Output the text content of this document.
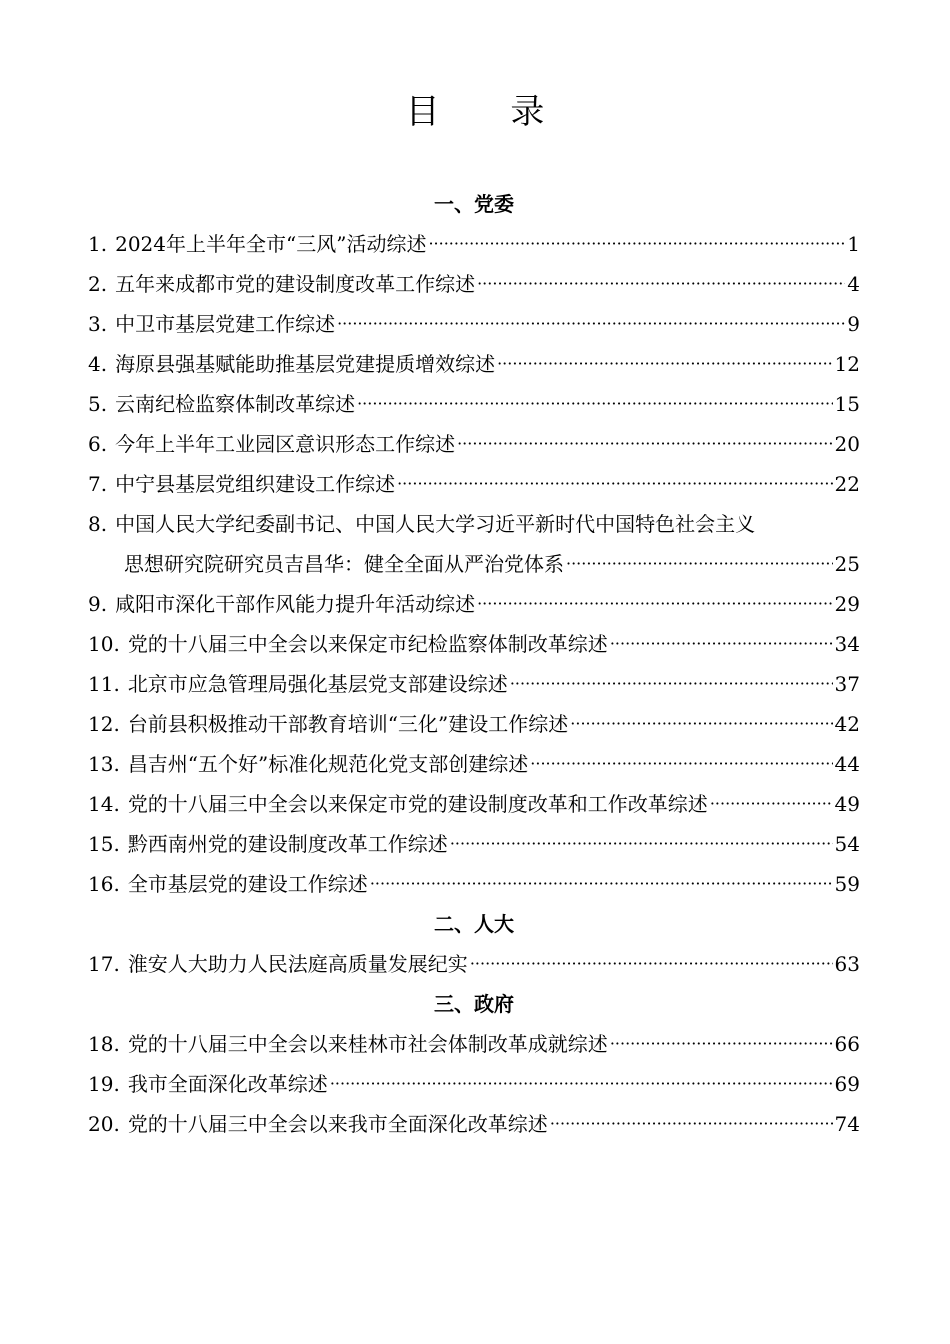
目 录
一、党委
1. 2024年上半年全市“三风”活动综述 ·····	1
2. 五年来成都市党的建设制度改革工作综述 ·····	4
3. 中卫市基层党建工作综述 ·····	9
4. 海原县强基赋能助推基层党建提质增效综述 ·····	12
5. 云南纪检监察体制改革综述 ·····	15
6. 今年上半年工业园区意识形态工作综述 ·····	20
7. 中宁县基层党组织建设工作综述 ·····	22
8. 中国人民大学纪委副书记、中国人民大学习近平新时代中国特色社会主义
思想研究院研究员吉昌华：健全全面从严治党体系 ·····	25
9. 咸阳市深化干部作风能力提升年活动综述 ·····	29
10. 党的十八届三中全会以来保定市纪检监察体制改革综述 ·····	34
11. 北京市应急管理局强化基层党支部建设综述 ·····	37
12. 台前县积极推动干部教育培训“三化”建设工作综述 ·····	42
13. 昌吉州“五个好”标准化规范化党支部创建综述 ·····	44
14. 党的十八届三中全会以来保定市党的建设制度改革和工作改革综述 ·····	49
15. 黔西南州党的建设制度改革工作综述 ·····	54
16. 全市基层党的建设工作综述 ·····	59
二、人大
17. 淮安人大助力人民法庭高质量发展纪实 ·····	63
三、政府
18. 党的十八届三中全会以来桂林市社会体制改革成就综述 ·····	66
19. 我市全面深化改革综述 ·····	69
20. 党的十八届三中全会以来我市全面深化改革综述 ·····	74
